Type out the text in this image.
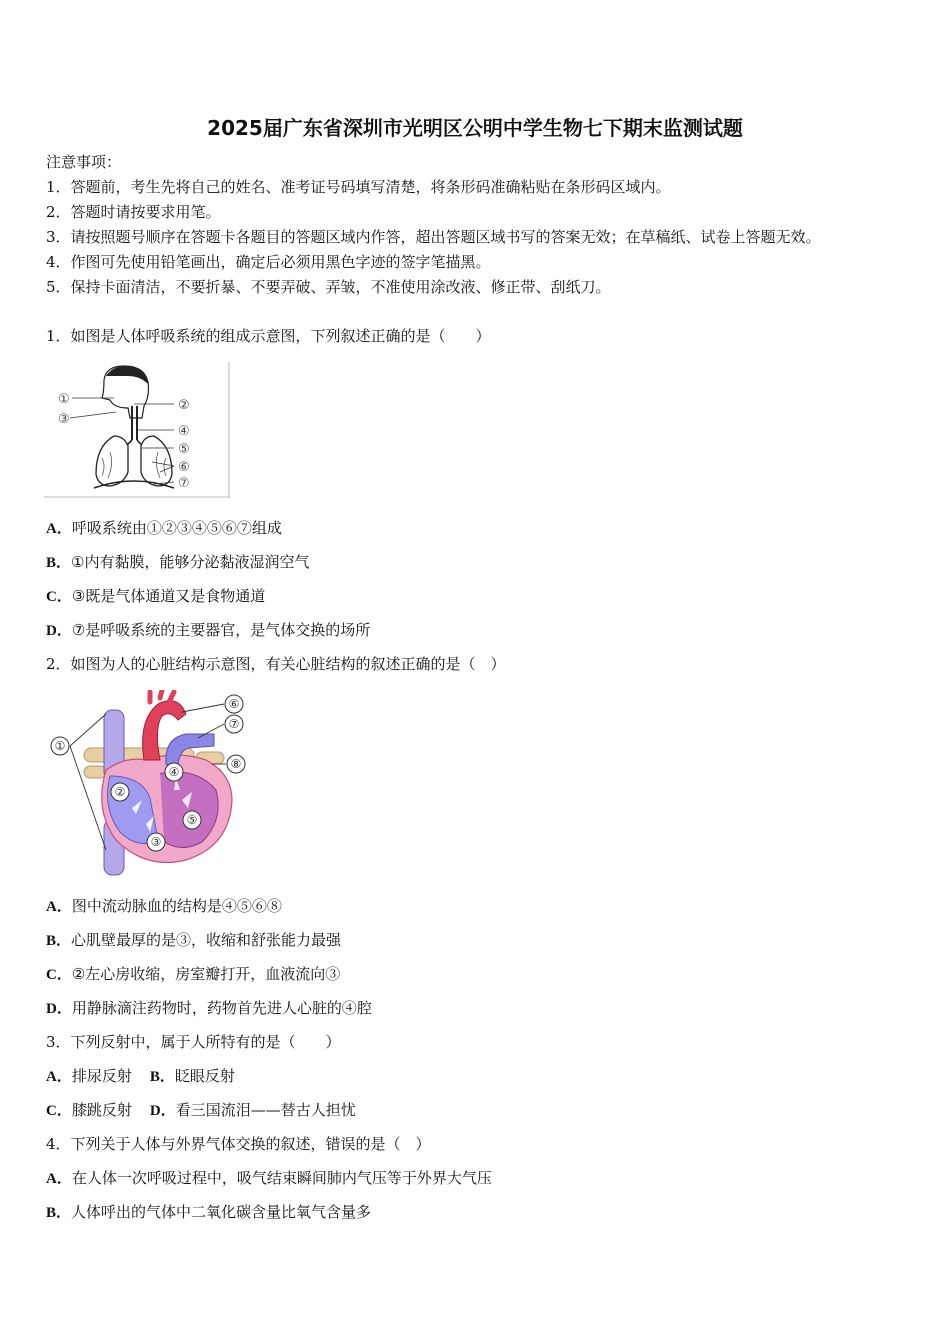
2025届广东省深圳市光明区公明中学生物七下期末监测试题
注意事项：
1．答题前，考生先将自己的姓名、准考证号码填写清楚，将条形码准确粘贴在条形码区域内。
2．答题时请按要求用笔。
3．请按照题号顺序在答题卡各题目的答题区域内作答，超出答题区域书写的答案无效；在草稿纸、试卷上答题无效。
4．作图可先使用铅笔画出，确定后必须用黑色字迹的签字笔描黑。
5．保持卡面清洁，不要折暴、不要弄破、弄皱，不准使用涂改液、修正带、刮纸刀。
1．如图是人体呼吸系统的组成示意图，下列叙述正确的是（　　）
①	②
③
④
⑤
⑥
⑦
A．呼吸系统由①②③④⑤⑥⑦组成
B．①内有黏膜，能够分泌黏液湿润空气
C．③既是气体通道又是食物通道
D．⑦是呼吸系统的主要器官，是气体交换的场所
2．如图为人的心脏结构示意图，有关心脏结构的叙述正确的是（　）
①
②
③
④
⑤
⑥
⑦
⑧
A．图中流动脉血的结构是④⑤⑥⑧
B．心肌壁最厚的是③，收缩和舒张能力最强
C．②左心房收缩，房室瓣打开，血液流向③
D．用静脉滴注药物时，药物首先进人心脏的④腔
3．下列反射中，属于人所特有的是（　　）
A．排尿反射 B．眨眼反射
C．膝跳反射 D．看三国流泪——替古人担忧
4．下列关于人体与外界气体交换的叙述，错误的是（　）
A．在人体一次呼吸过程中，吸气结束瞬间肺内气压等于外界大气压
B．人体呼出的气体中二氧化碳含量比氧气含量多
